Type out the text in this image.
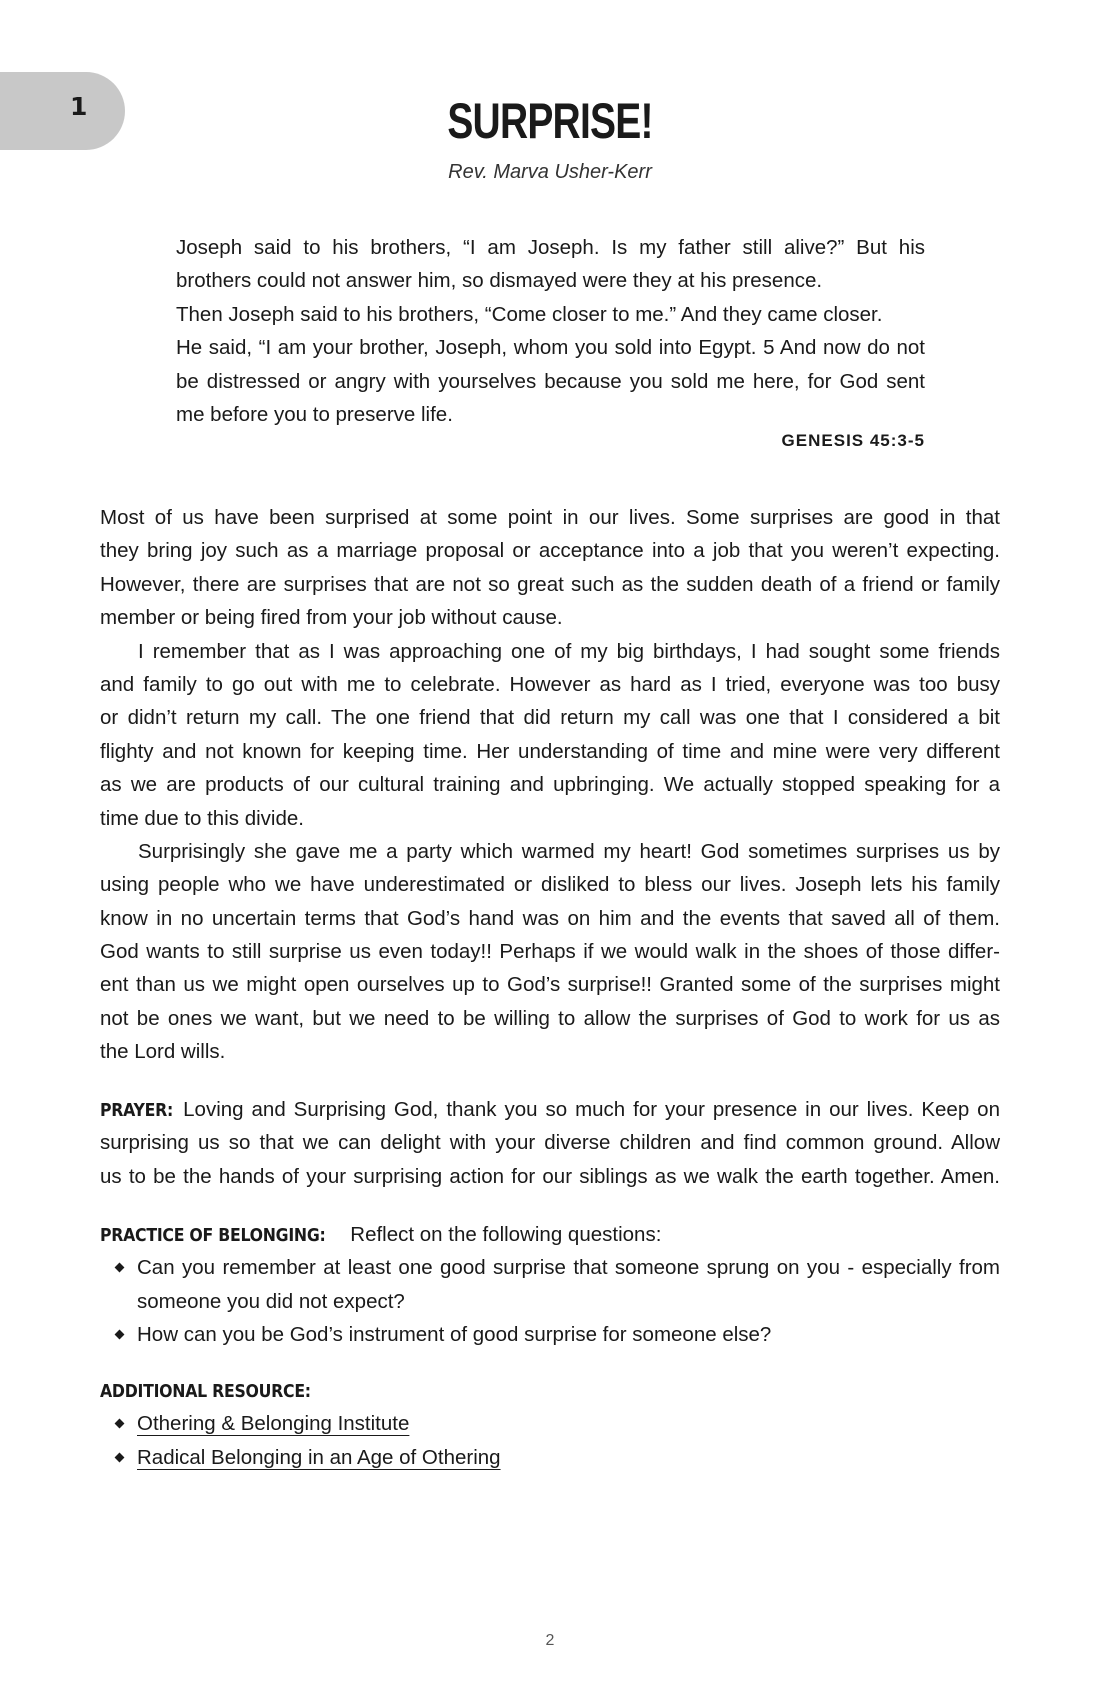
1	SURPRISE!
Rev. Marva Usher-Kerr
Joseph said to his brothers, “I am Joseph. Is my father still alive?” But his
brothers could not answer him, so dismayed were they at his presence.
Then Joseph said to his brothers, “Come closer to me.” And they came closer.
He said, “I am your brother, Joseph, whom you sold into Egypt. 5 And now do not
be distressed or angry with yourselves because you sold me here, for God sent
me before you to preserve life.
GENESIS 45:3-5
Most of us have been surprised at some point in our lives. Some surprises are good in that
they bring joy such as a marriage proposal or acceptance into a job that you weren’t expecting.
However, there are surprises that are not so great such as the sudden death of a friend or family
member or being fired from your job without cause.
I remember that as I was approaching one of my big birthdays, I had sought some friends
and family to go out with me to celebrate. However as hard as I tried, everyone was too busy
or didn’t return my call. The one friend that did return my call was one that I considered a bit
flighty and not known for keeping time. Her understanding of time and mine were very different
as we are products of our cultural training and upbringing. We actually stopped speaking for a
time due to this divide.
Surprisingly she gave me a party which warmed my heart! God sometimes surprises us by
using people who we have underestimated or disliked to bless our lives. Joseph lets his family
know in no uncertain terms that God’s hand was on him and the events that saved all of them.
God wants to still surprise us even today!! Perhaps if we would walk in the shoes of those differ-
ent than us we might open ourselves up to God’s surprise!! Granted some of the surprises might
not be ones we want, but we need to be willing to allow the surprises of God to work for us as
the Lord wills.
PRAYER: Loving and Surprising God, thank you so much for your presence in our lives. Keep on
surprising us so that we can delight with your diverse children and find common ground. Allow
us to be the hands of your surprising action for our siblings as we walk the earth together. Amen.
PRACTICE OF BELONGING: Reflect on the following questions:
Can you remember at least one good surprise that someone sprung on you - especially from
someone you did not expect?
How can you be God’s instrument of good surprise for someone else?
ADDITIONAL RESOURCE:
Othering & Belonging Institute
Radical Belonging in an Age of Othering
2
